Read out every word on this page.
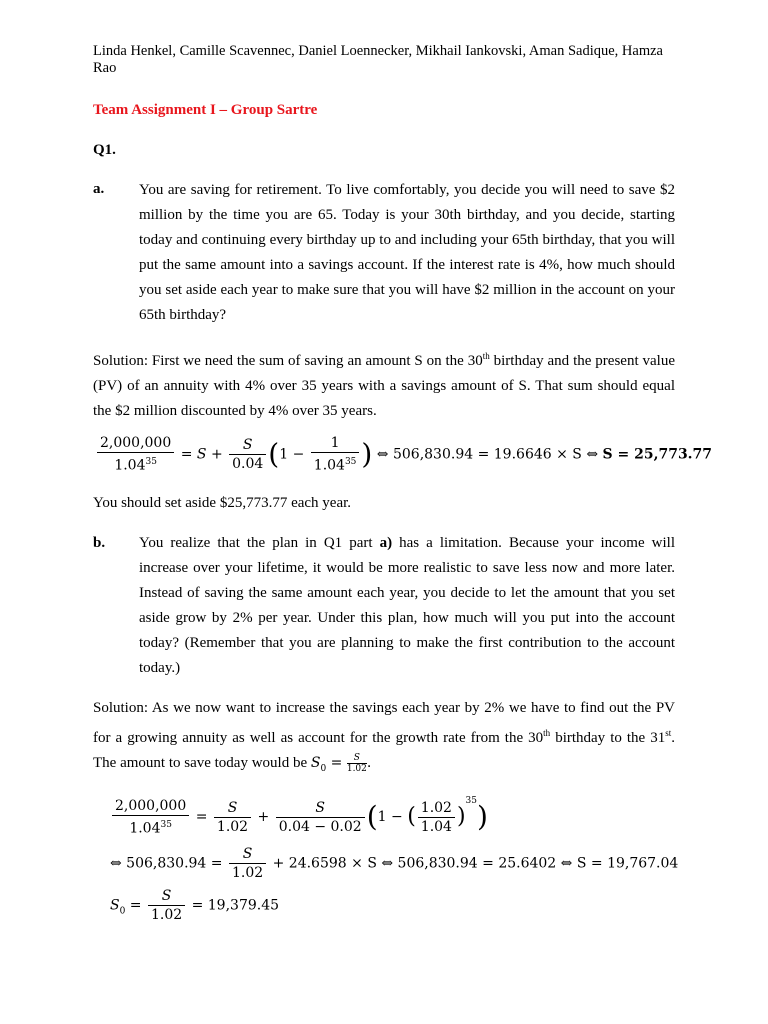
Linda Henkel, Camille Scavennec, Daniel Loennecker, Mikhail Iankovski, Aman Sadique, Hamza Rao
Team Assignment I – Group Sartre
Q1.
a. You are saving for retirement. To live comfortably, you decide you will need to save $2 million by the time you are 65. Today is your 30th birthday, and you decide, starting today and continuing every birthday up to and including your 65th birthday, that you will put the same amount into a savings account. If the interest rate is 4%, how much should you set aside each year to make sure that you will have $2 million in the account on your 65th birthday?
Solution: First we need the sum of saving an amount S on the 30th birthday and the present value (PV) of an annuity with 4% over 35 years with a savings amount of S. That sum should equal the $2 million discounted by 4% over 35 years.
$\frac{2,000,000}{1.04^{35}} = S + \frac{S}{0.04} (1 - \frac{1}{1.04^{35}}$ ) ⇔ 506,830.94 = 19.6646 × S ⇔ S = 25,773.77
You should set aside $25,773.77 each year.
b. You realize that the plan in Q1 part a) has a limitation. Because your income will increase over your lifetime, it would be more realistic to save less now and more later. Instead of saving the same amount each year, you decide to let the amount that you set aside grow by 2% per year. Under this plan, how much will you put into the account today? (Remember that you are planning to make the first contribution to the account today.)
Solution: As we now want to increase the savings each year by 2% we have to find out the PV for a growing annuity as well as account for the growth rate from the 30th birthday to the 31st. The amount to save today would be $S_0 = \frac{S}{1.02}$ .
$\frac{2,000,000}{1.04^{35}} = \frac{S}{1.02} + \frac{S}{0.04 - 0.02} (1$ − ( $\frac{1.02}{1.04} )^{35}$)
⇔ $506,830.94 = \frac{S}{1.02} + 24.6598 \times S$ ⇔ 506,830.94 = 25.6402 ⇔ S = 19,767.04
$S_0 = \frac{S}{1.02} = 19,379.45$
